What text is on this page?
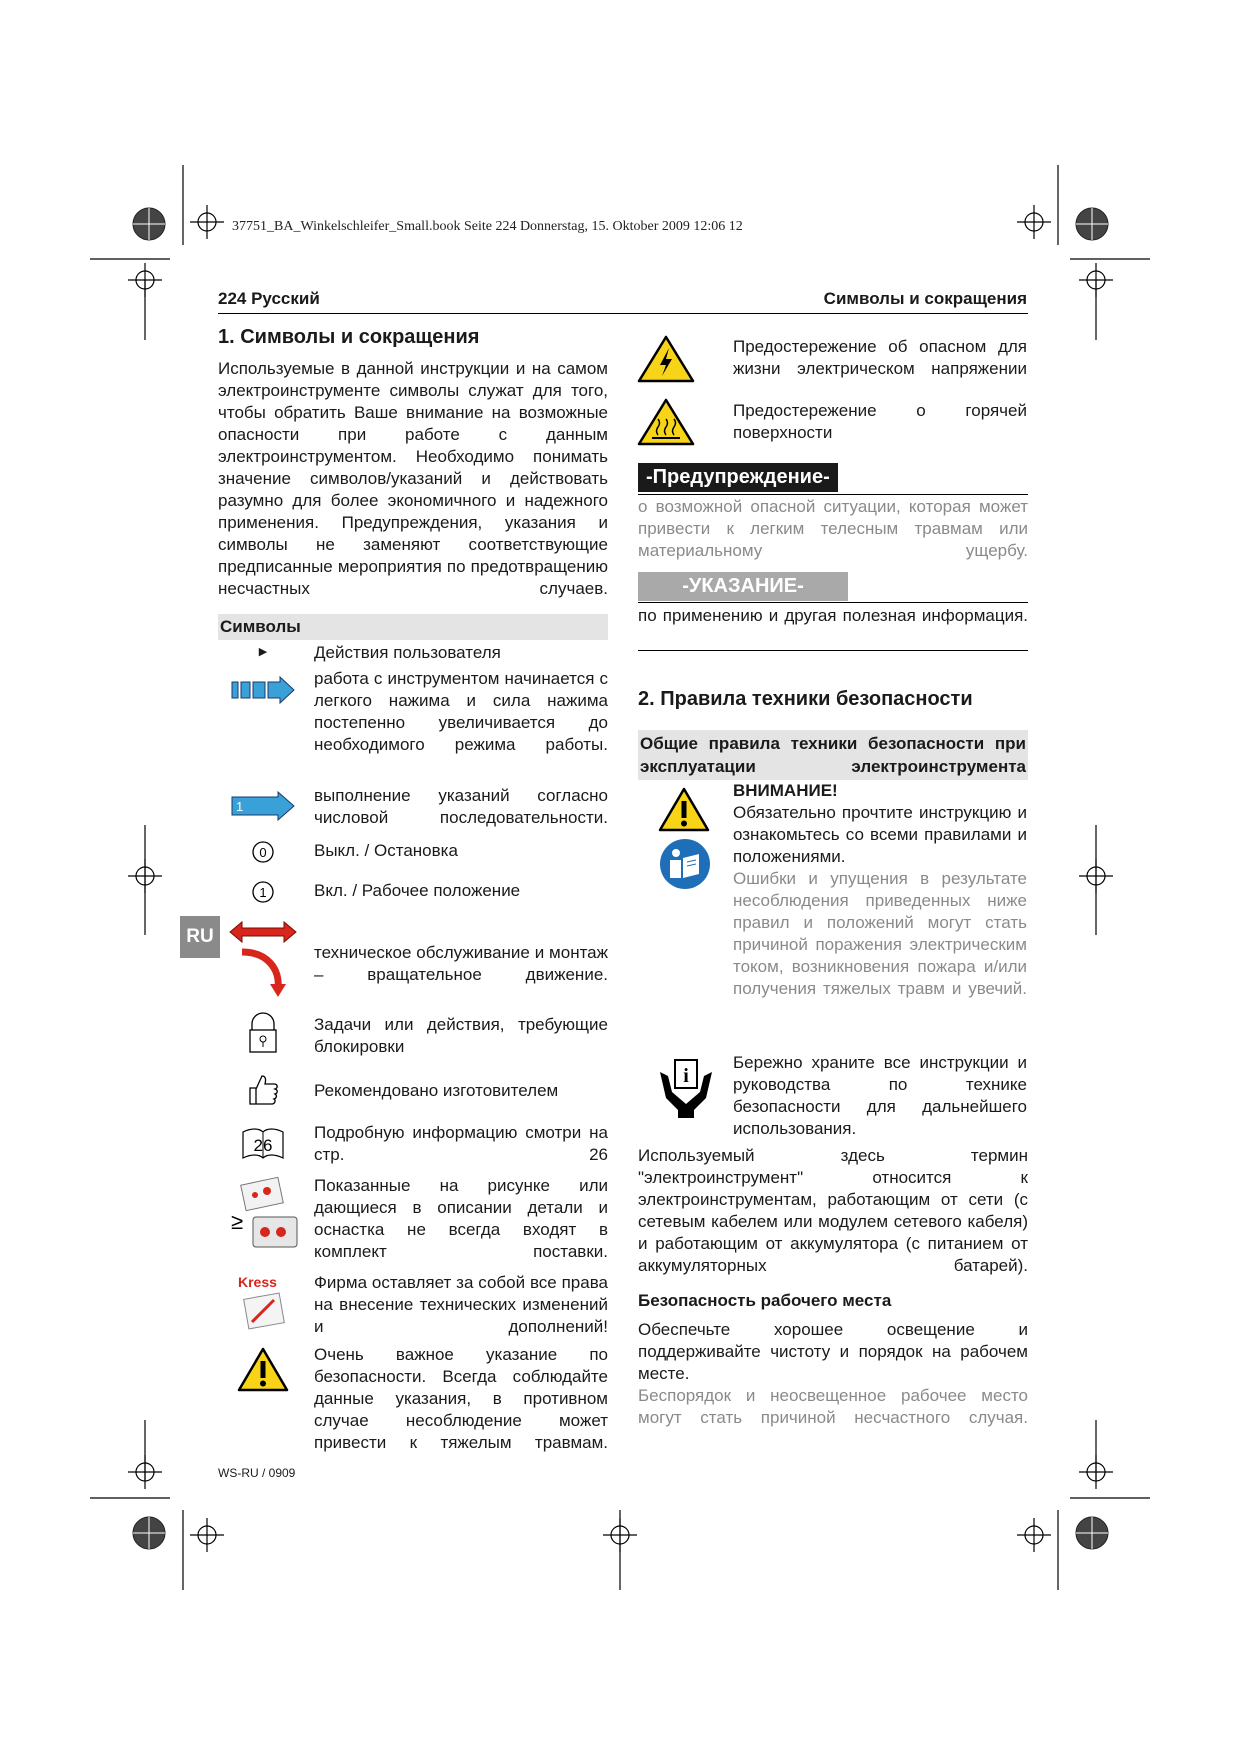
37751_BA_Winkelschleifer_Small.book Seite 224 Donnerstag, 15. Oktober 2009 12:06 12
224 Русский	Символы и сокращения
RU
1. Символы и сокращения
Используемые в данной инструкции и на самом электроинструменте символы служат для того, чтобы обратить Ваше внимание на возможные опасности при работе с данным электроинструментом. Необходимо понимать значение символов/указаний и действовать разумно для более экономичного и надежного применения. Предупреждения, указания и символы не заменяют соответствующие предписанные мероприятия по предотвращению несчастных случаев.
Символы
▶	Действия пользователя
работа с инструментом начинается с легкого нажима и сила нажима постепенно увеличивается до необходимого режима работы.
1
выполнение указаний согласно числовой последовательности.
0	Выкл. / Остановка
1	Вкл. / Рабочее положение
техническое обслуживание и монтаж – вращательное движение.
Задачи или действия, требующие блокировки
Рекомендовано изготовителем
26
Подробную информацию смотри на стр. 26
≥
Показанные на рисунке или дающиеся в описании детали и оснастка не всегда входят в комплект поставки.
Kress Фирма оставляет за собой все права на внесение технических изменений и дополнений!
Очень важное указание по безопасности. Всегда соблюдайте данные указания, в противном случае несоблюдение может привести к тяжелым травмам.
Предостережение об опасном для жизни электрическом напряжении
Предостережение о горячей поверхности
-Предупреждение-
о возможной опасной ситуации, которая может привести к легким телесным травмам или материальному ущербу.
-УКАЗАНИЕ-
по применению и другая полезная информация.
2. Правила техники безопасности
Общие правила техники безопасности при эксплуатации электроинструмента
ВНИМАНИЕ!
Обязательно прочтите инструкцию и ознакомьтесь со всеми правилами и положениями.
Ошибки и упущения в результате несоблюдения приведенных ниже правил и положений могут стать причиной поражения электрическим током, возникновения пожара и/или получения тяжелых травм и увечий.
i
Бережно храните все инструкции и руководства по технике безопасности для дальнейшего использования.
Используемый здесь термин "электроинструмент" относится к электроинструментам, работающим от сети (с сетевым кабелем или модулем сетевого кабеля) и работающим от аккумулятора (с питанием от аккумуляторных батарей).
Безопасность рабочего места
Обеспечьте хорошее освещение и поддерживайте чистоту и порядок на рабочем месте.
Беспорядок и неосвещенное рабочее место могут стать причиной несчастного случая.
WS-RU / 0909
